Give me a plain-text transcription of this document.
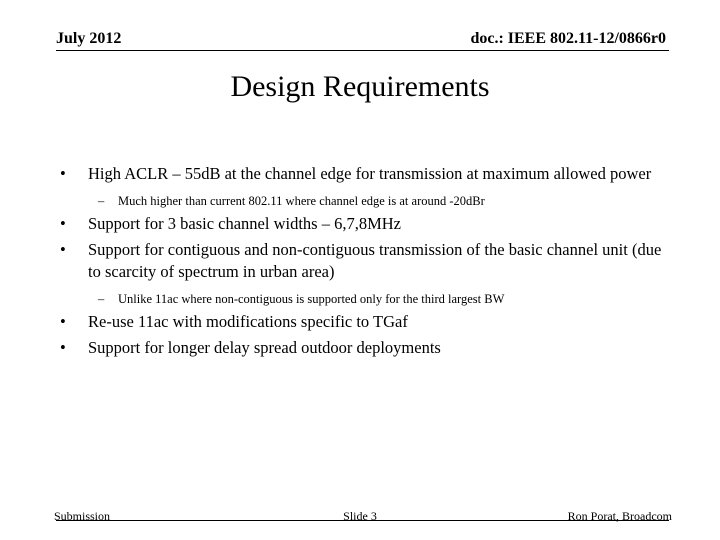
July 2012	doc.: IEEE 802.11-12/0866r0
Design Requirements
• High ACLR – 55dB at the channel edge for transmission at maximum allowed power
– Much higher than current 802.11 where channel edge is at around -20dBr
• Support for 3 basic channel widths – 6,7,8MHz
• Support for contiguous and non-contiguous transmission of the basic channel unit (due to scarcity of spectrum in urban area)
– Unlike 11ac where non-contiguous is supported only for the third largest BW
• Re-use 11ac with modifications specific to TGaf
• Support for longer delay spread outdoor deployments
Submission	Slide 3	Ron Porat, Broadcom
